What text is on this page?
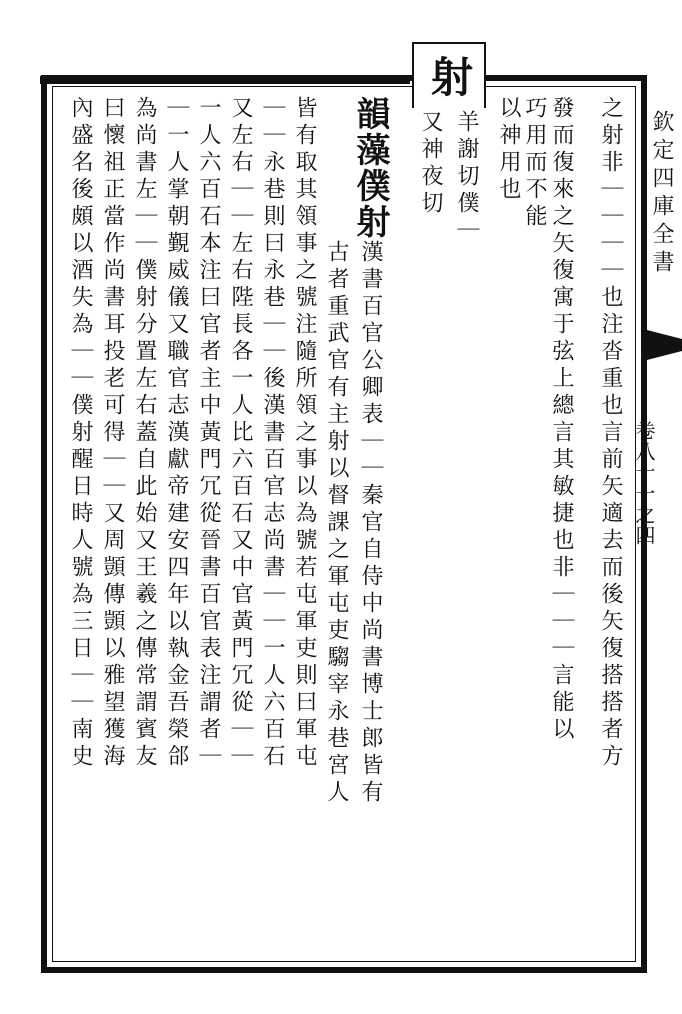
欽定四庫全書
卷八十一之四
射
之射非｜｜｜｜也注沓重也言前矢適去而後矢復搭搭者方
發而復來之矢復寓于弦上總言其敏捷也非｜｜｜言能以
巧用而不能
以神用也
羊謝切僕｜
又神夜切
韻藻僕射漢書百官公卿表｜｜秦官自侍中尚書博士郎皆有
古者重武官有主射以督課之軍屯吏騶宰永巷宮人
皆有取其領事之號注隨所領之事以為號若屯軍吏則曰軍屯
｜｜永巷則曰永巷｜｜後漢書百官志尚書｜｜一人六百石
又左右｜｜左右陛長各一人比六百石又中官黃門冗從｜｜
一人六百石本注曰官者主中黃門冗從晉書百官表注謂者｜
｜一人掌朝覲威儀又職官志漢獻帝建安四年以執金吾榮郃
為尚書左｜｜僕射分置左右蓋自此始又王羲之傳常謂賓友
曰懷祖正當作尚書耳投老可得｜｜又周顗傳顗以雅望獲海
內盛名後頗以酒失為｜｜僕射醒日時人號為三日｜｜南史
